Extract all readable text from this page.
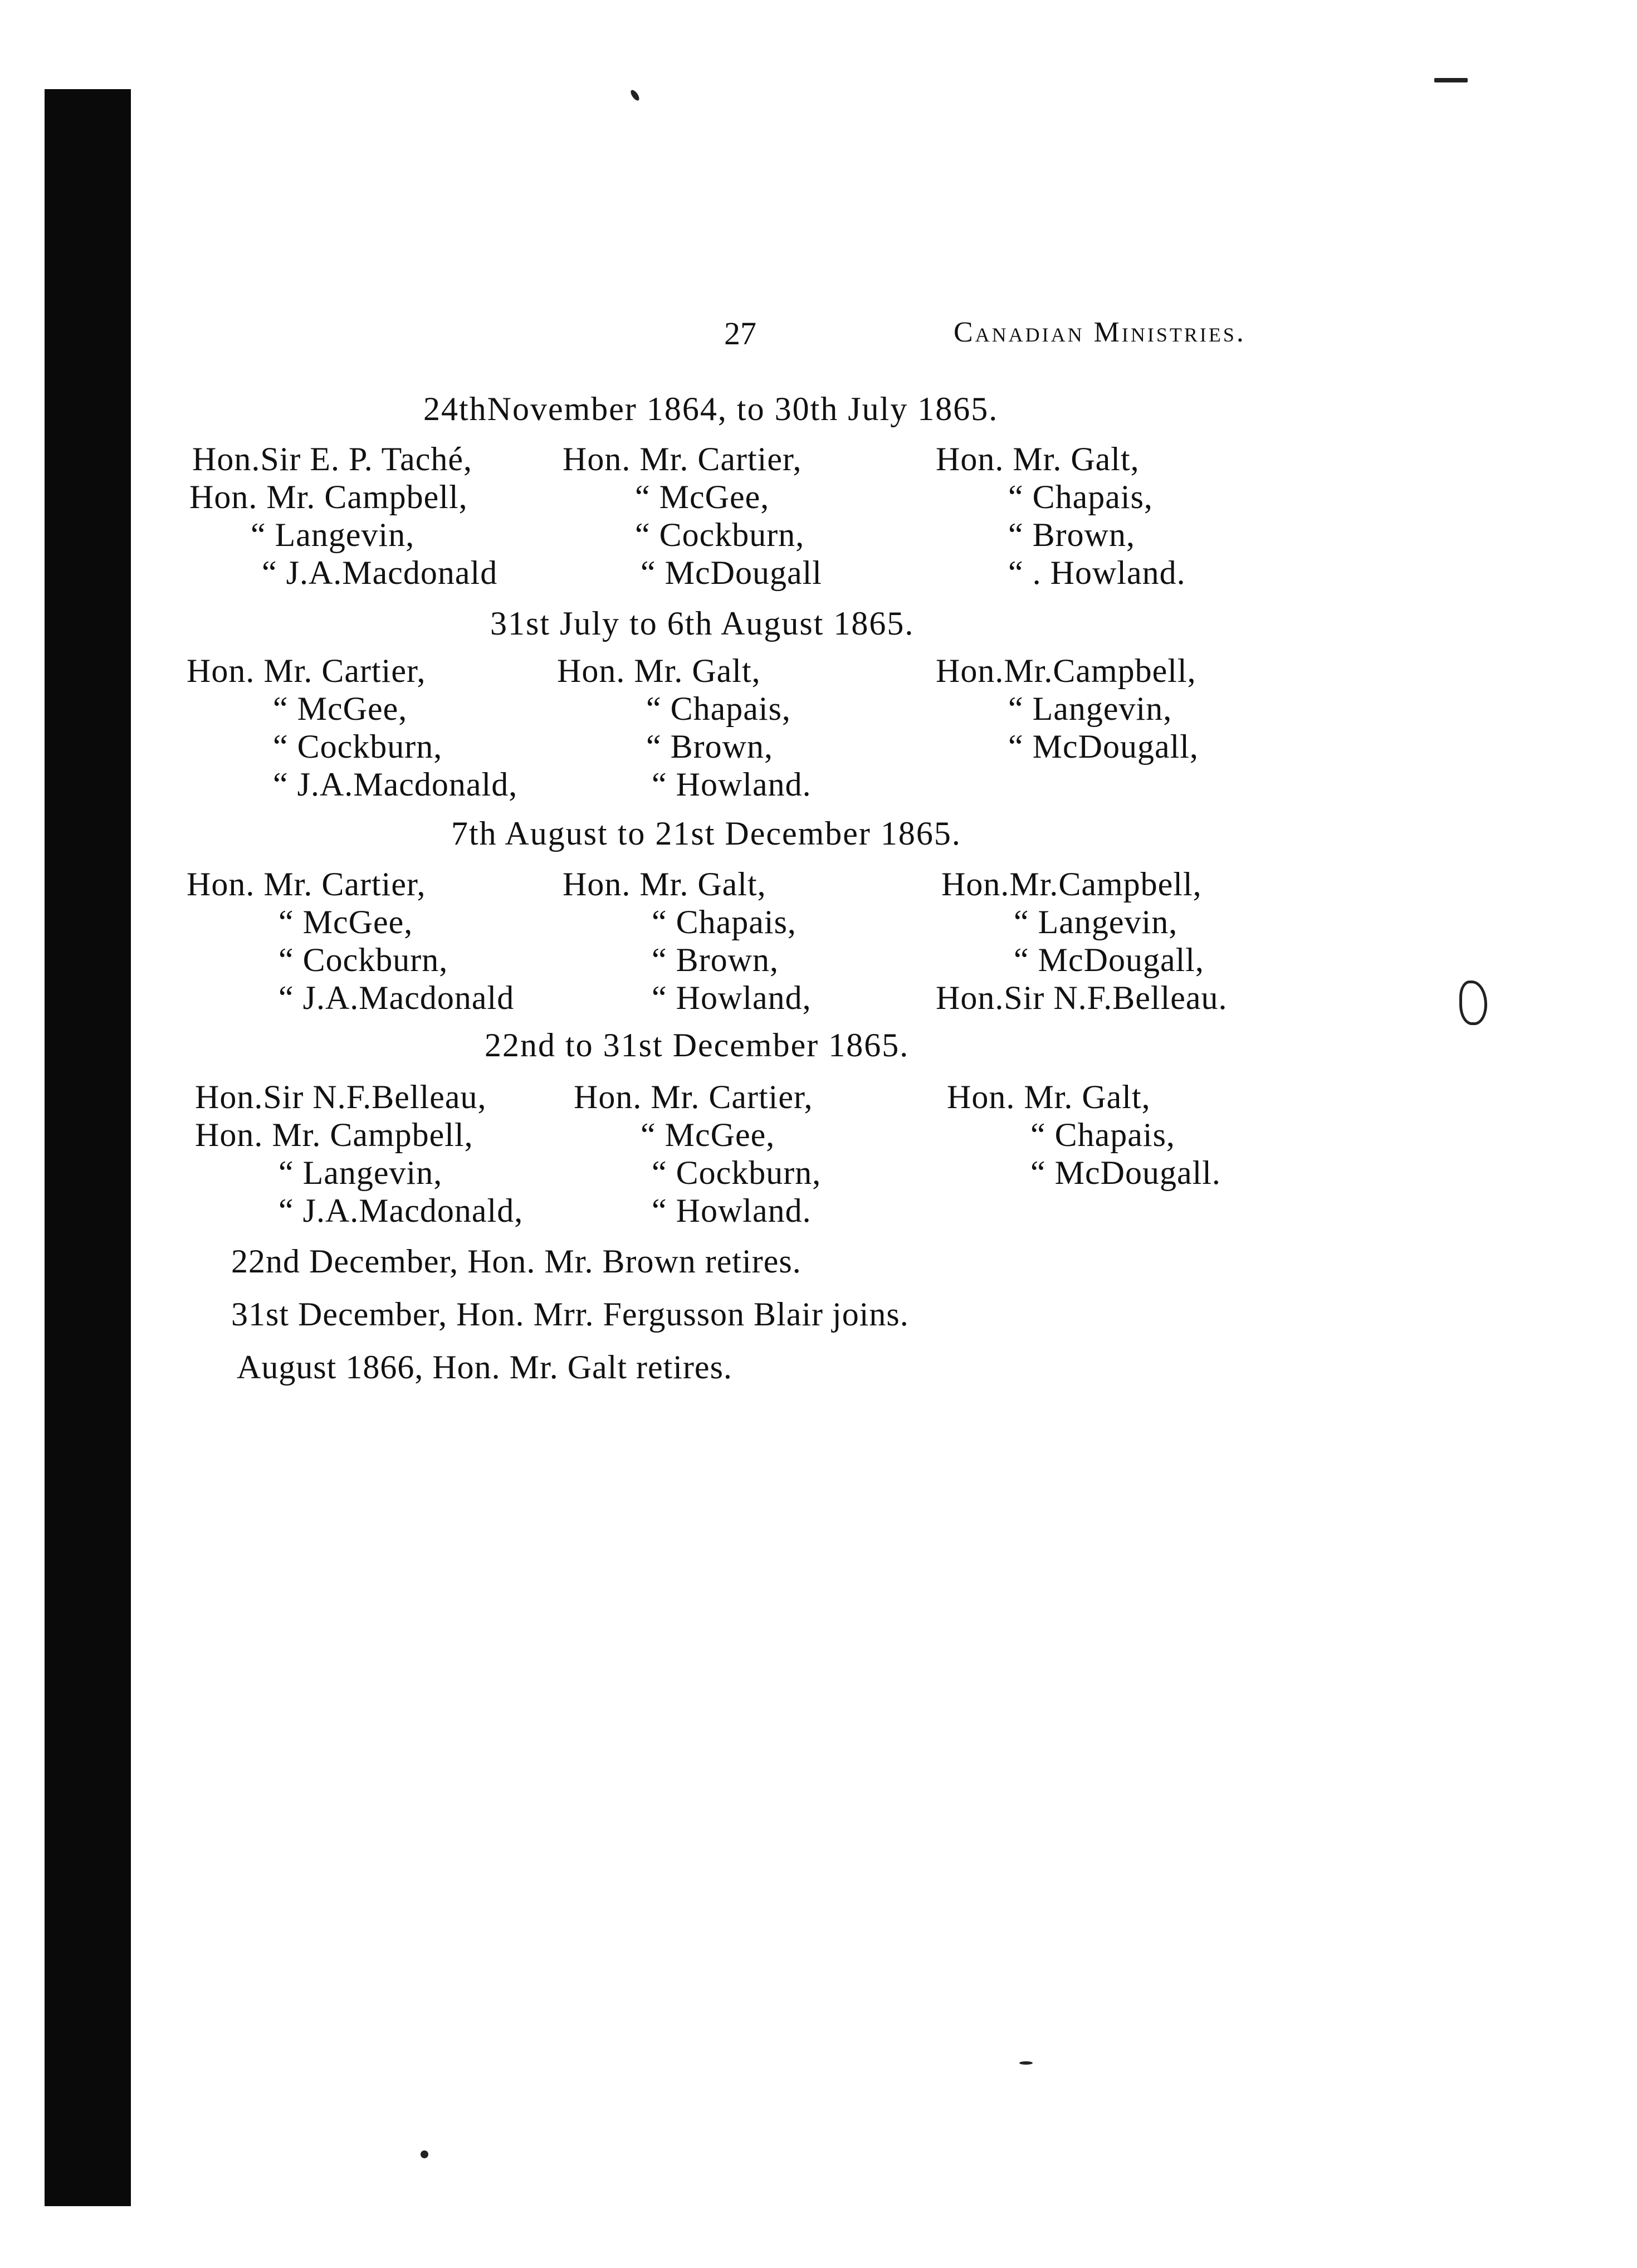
27	Canadian Ministries.
24thNovember 1864, to 30th July 1865.
Hon.Sir E. P. Taché,	Hon. Mr. Cartier,	Hon. Mr. Galt,
Hon. Mr. Campbell,	“ McGee,	“ Chapais,
“ Langevin,	“ Cockburn,	“ Brown,
“ J.A.Macdonald	“ McDougall	“ . Howland.
31st July to 6th August 1865.
Hon. Mr. Cartier,	Hon. Mr. Galt,	Hon.Mr.Campbell,
“ McGee,	“ Chapais,	“ Langevin,
“ Cockburn,	“ Brown,	“ McDougall,
“ J.A.Macdonald,	“ Howland.
7th August to 21st December 1865.
Hon. Mr. Cartier,	Hon. Mr. Galt,	Hon.Mr.Campbell,
“ McGee,	“ Chapais,	“ Langevin,
“ Cockburn,	“ Brown,	“ McDougall,
“ J.A.Macdonald	“ Howland,	Hon.Sir N.F.Belleau.
22nd to 31st December 1865.
Hon.Sir N.F.Belleau,	Hon. Mr. Cartier,	Hon. Mr. Galt,
Hon. Mr. Campbell,	“ McGee,	“ Chapais,
“ Langevin,	“ Cockburn,	“ McDougall.
“ J.A.Macdonald,	“ Howland.
22nd December, Hon. Mr. Brown retires.
31st December, Hon. Mrr. Fergusson Blair joins.
August 1866, Hon. Mr. Galt retires.
